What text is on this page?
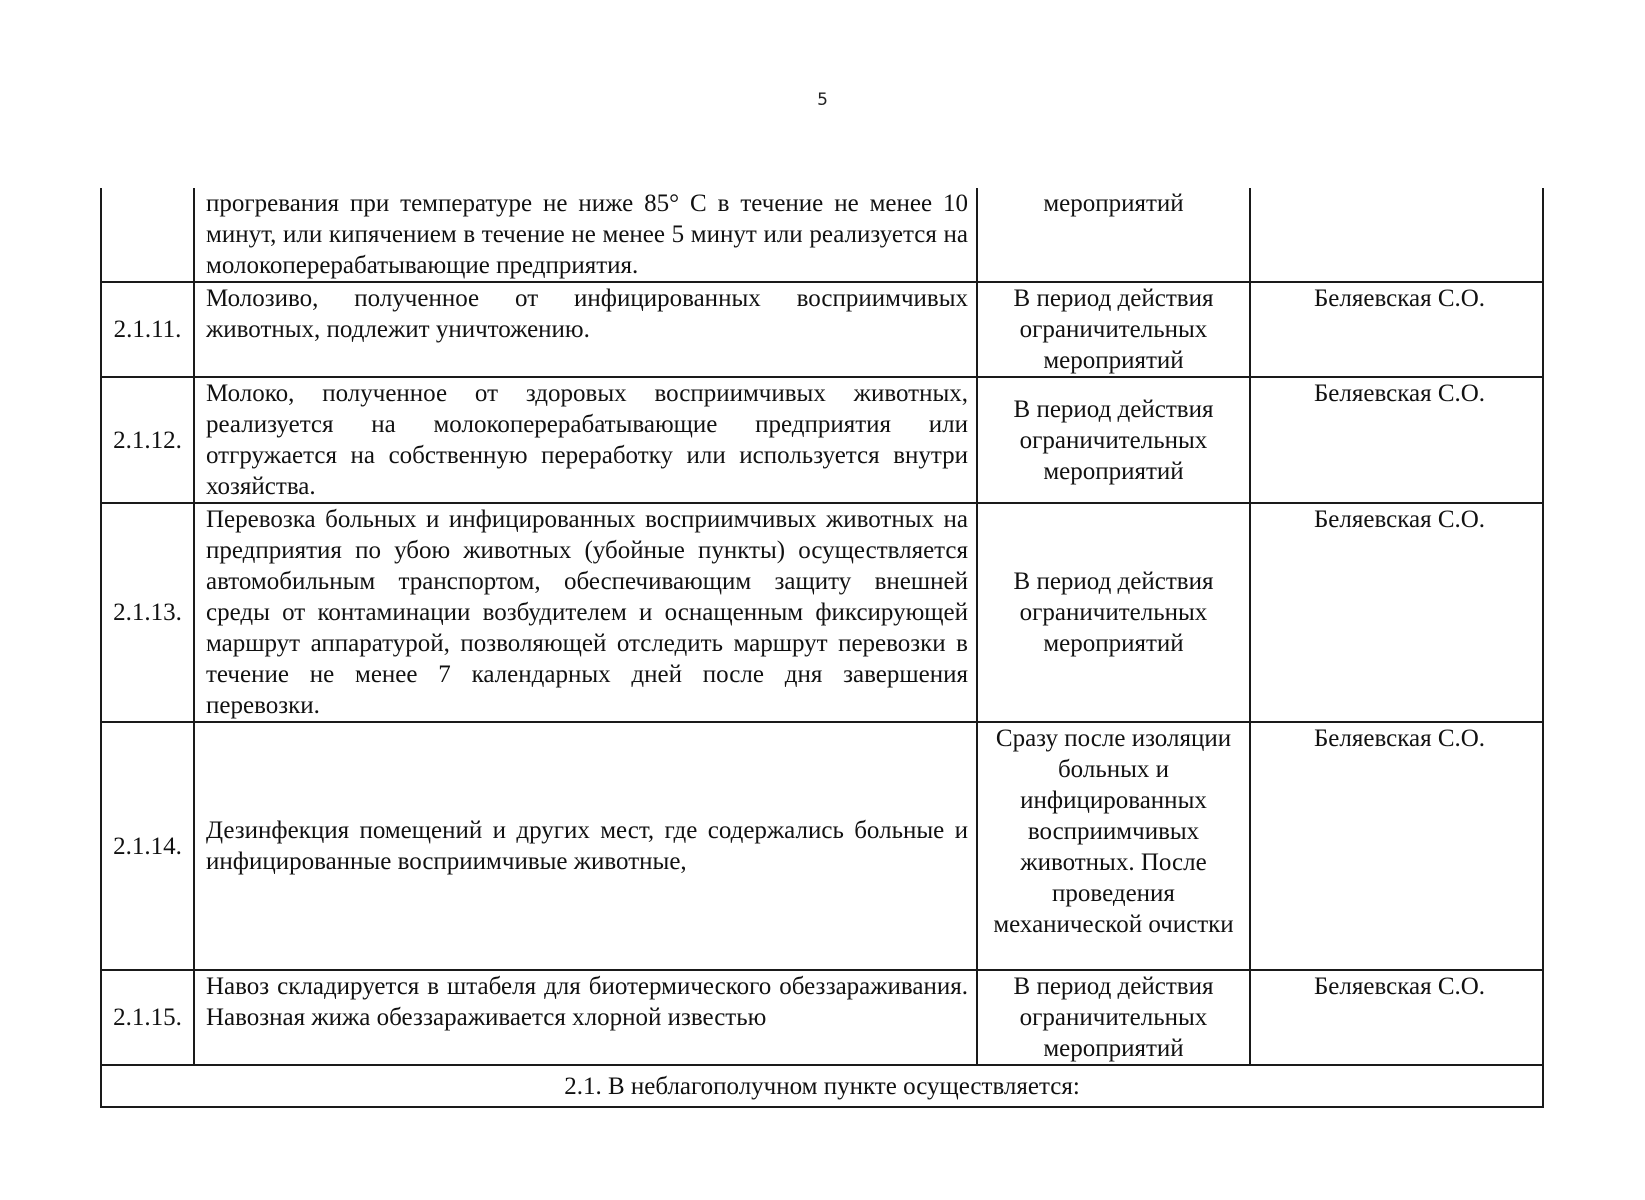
5
	прогревания при температуре не ниже 85° С в течение не менее 10 минут, или кипячением в течение не менее 5 минут или реализуется на молокоперерабатывающие предприятия.	мероприятий	
2.1.11.	Молозиво, полученное от инфицированных восприимчивых животных, подлежит уничтожению.	В период действия ограничительных мероприятий	Беляевская С.О.
2.1.12.	Молоко, полученное от здоровых восприимчивых животных, реализуется на молокоперерабатывающие предприятия или отгружается на собственную переработку или используется внутри хозяйства.	В период действия ограничительных мероприятий	Беляевская С.О.
2.1.13.	Перевозка больных и инфицированных восприимчивых животных на предприятия по убою животных (убойные пункты) осуществляется автомобильным транспортом, обеспечивающим защиту внешней среды от контаминации возбудителем и оснащенным фиксирующей маршрут аппаратурой, позволяющей отследить маршрут перевозки в течение не менее 7 календарных дней после дня завершения перевозки.	В период действия ограничительных мероприятий	Беляевская С.О.
2.1.14.	Дезинфекция помещений и других мест, где содержались больные и инфицированные восприимчивые животные,	Сразу после изоляции больных и инфицированных восприимчивых животных. После проведения механической очистки	Беляевская С.О.
2.1.15.	Навоз складируется в штабеля для биотермического обеззараживания. Навозная жижа обеззараживается хлорной известью	В период действия ограничительных мероприятий	Беляевская С.О.
2.1. В неблагополучном пункте осуществляется:			
